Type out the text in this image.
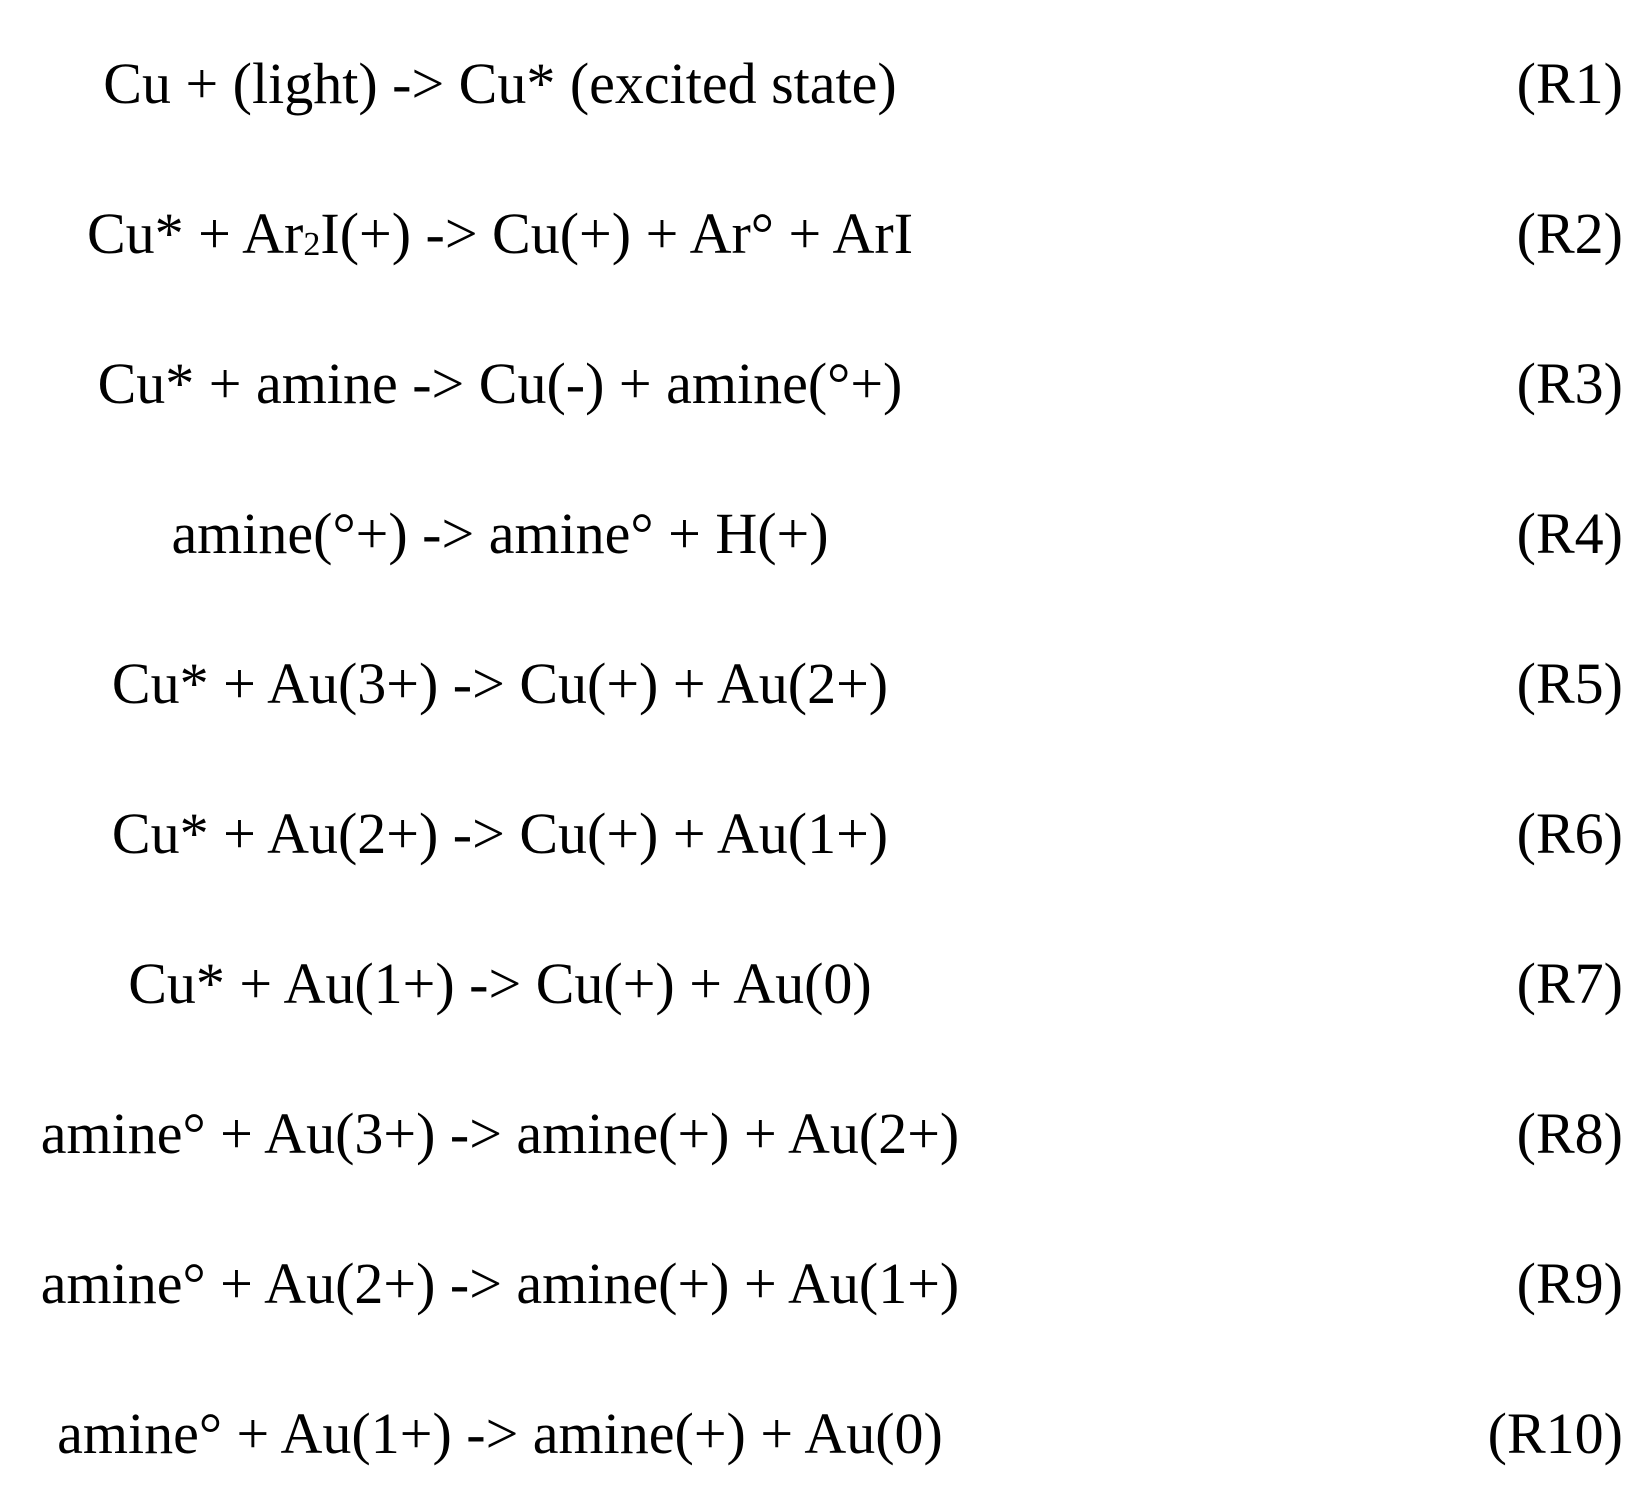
Cu + (light) -> Cu* (excited state)	(R1)
Cu* + Ar2I(+) -> Cu(+) + Ar° + ArI	(R2)
Cu* + amine -> Cu(-) + amine(°+)	(R3)
amine(°+) -> amine° + H(+)	(R4)
Cu* + Au(3+) -> Cu(+) + Au(2+)	(R5)
Cu* + Au(2+) -> Cu(+) + Au(1+)	(R6)
Cu* + Au(1+) -> Cu(+) + Au(0)	(R7)
amine° + Au(3+) -> amine(+) + Au(2+)	(R8)
amine° + Au(2+) -> amine(+) + Au(1+)	(R9)
amine° + Au(1+) -> amine(+) + Au(0)	(R10)
